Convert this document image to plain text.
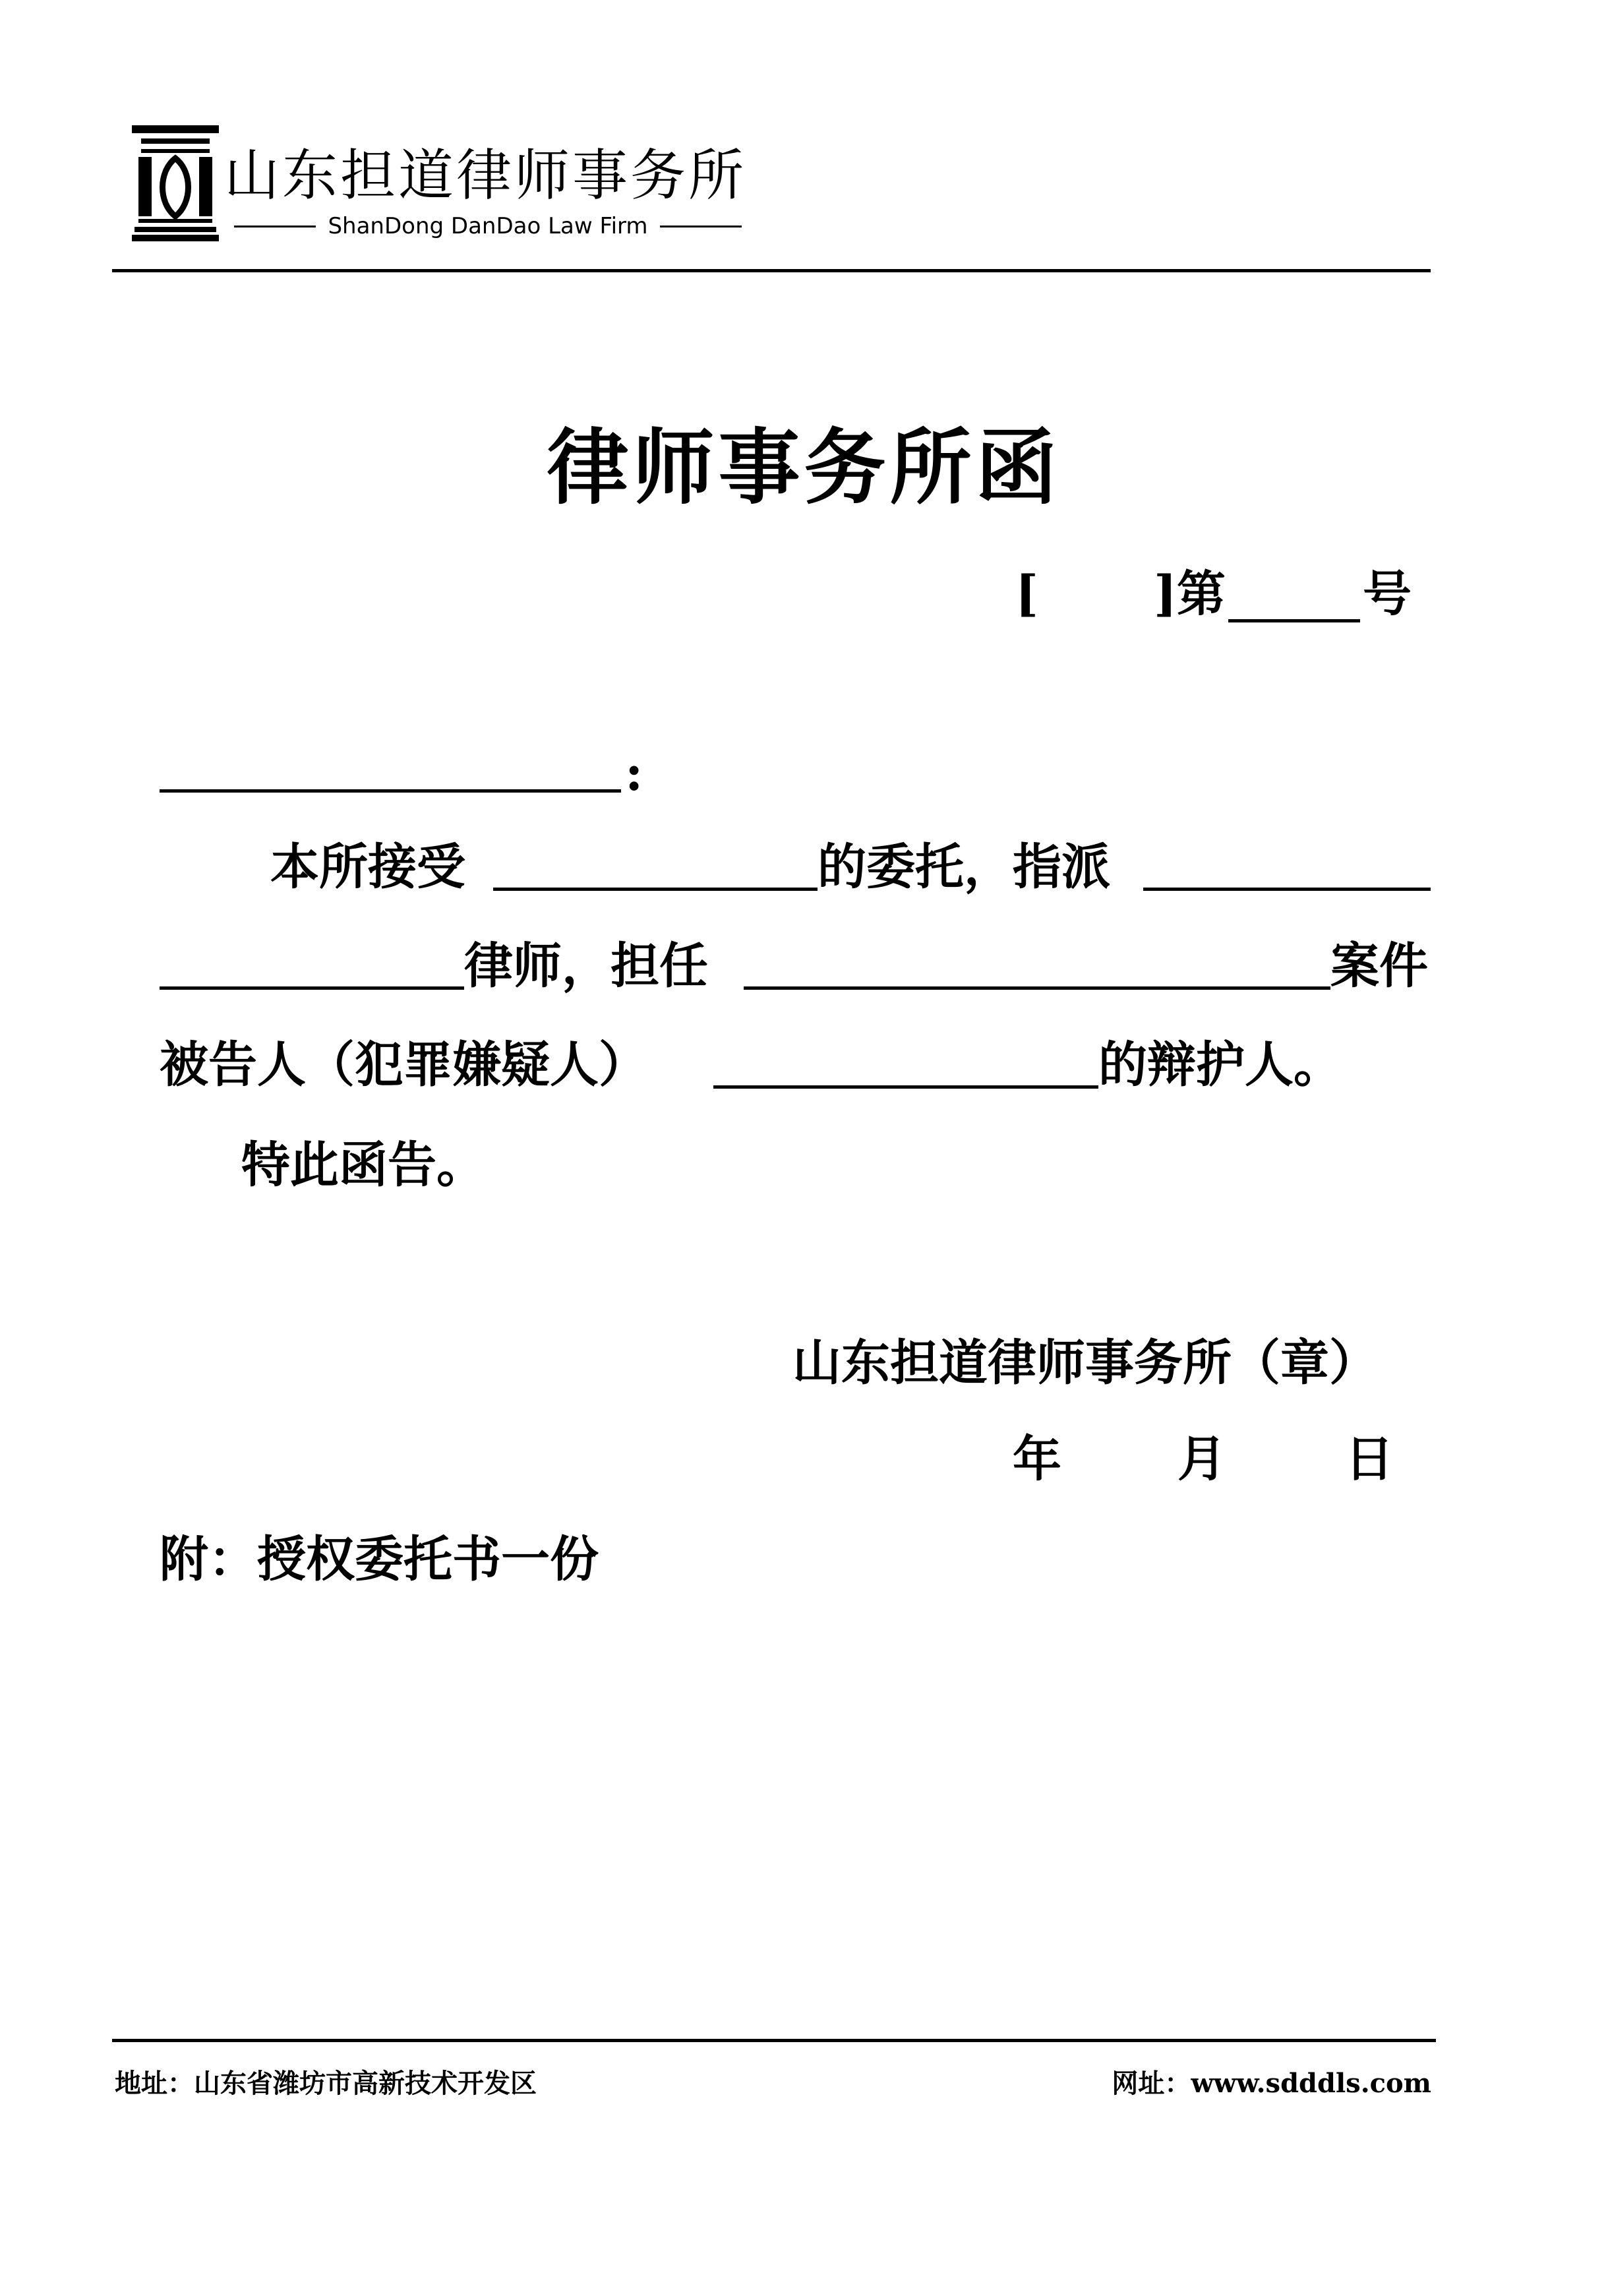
山东担道律师事务所
ShanDong DanDao Law Firm
律师事务所函
[ ]第	号
:
本所接受	的委托，指派
律师，担任	案件
被告人（犯罪嫌疑人）	的辩护人。
特此函告。
山东担道律师事务所（章）
年 月 日
附：授权委托书一份
地址：山东省潍坊市高新技术开发区	网址：www.sdddls.com
